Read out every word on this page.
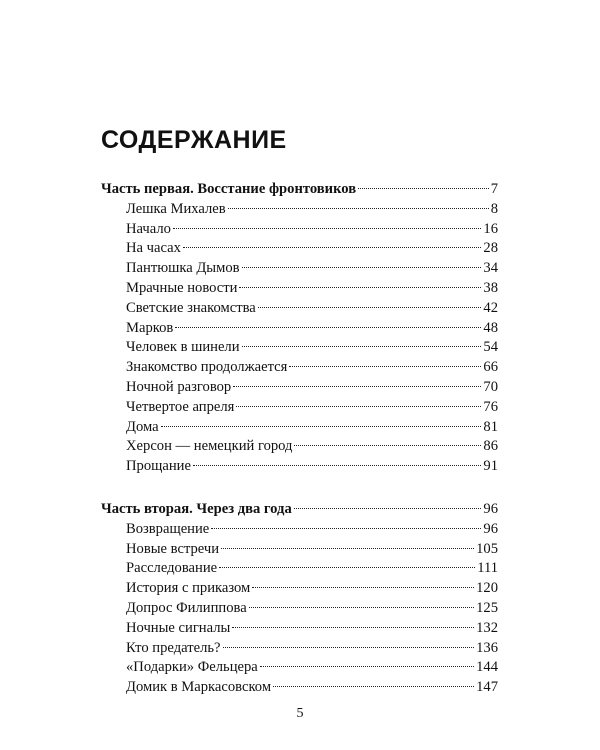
СОДЕРЖАНИЕ
Часть первая. Восстание фронтовиков	7
Лешка Михалев	8
Начало	16
На часах	28
Пантюшка Дымов	34
Мрачные новости	38
Светские знакомства	42
Марков	48
Человек в шинели	54
Знакомство продолжается	66
Ночной разговор	70
Четвертое апреля	76
Дома	81
Херсон — немецкий город	86
Прощание	91
Часть вторая. Через два года	96
Возвращение	96
Новые встречи	105
Расследование	111
История с приказом	120
Допрос Филиппова	125
Ночные сигналы	132
Кто предатель?	136
«Подарки» Фельцера	144
Домик в Маркасовском	147
5
